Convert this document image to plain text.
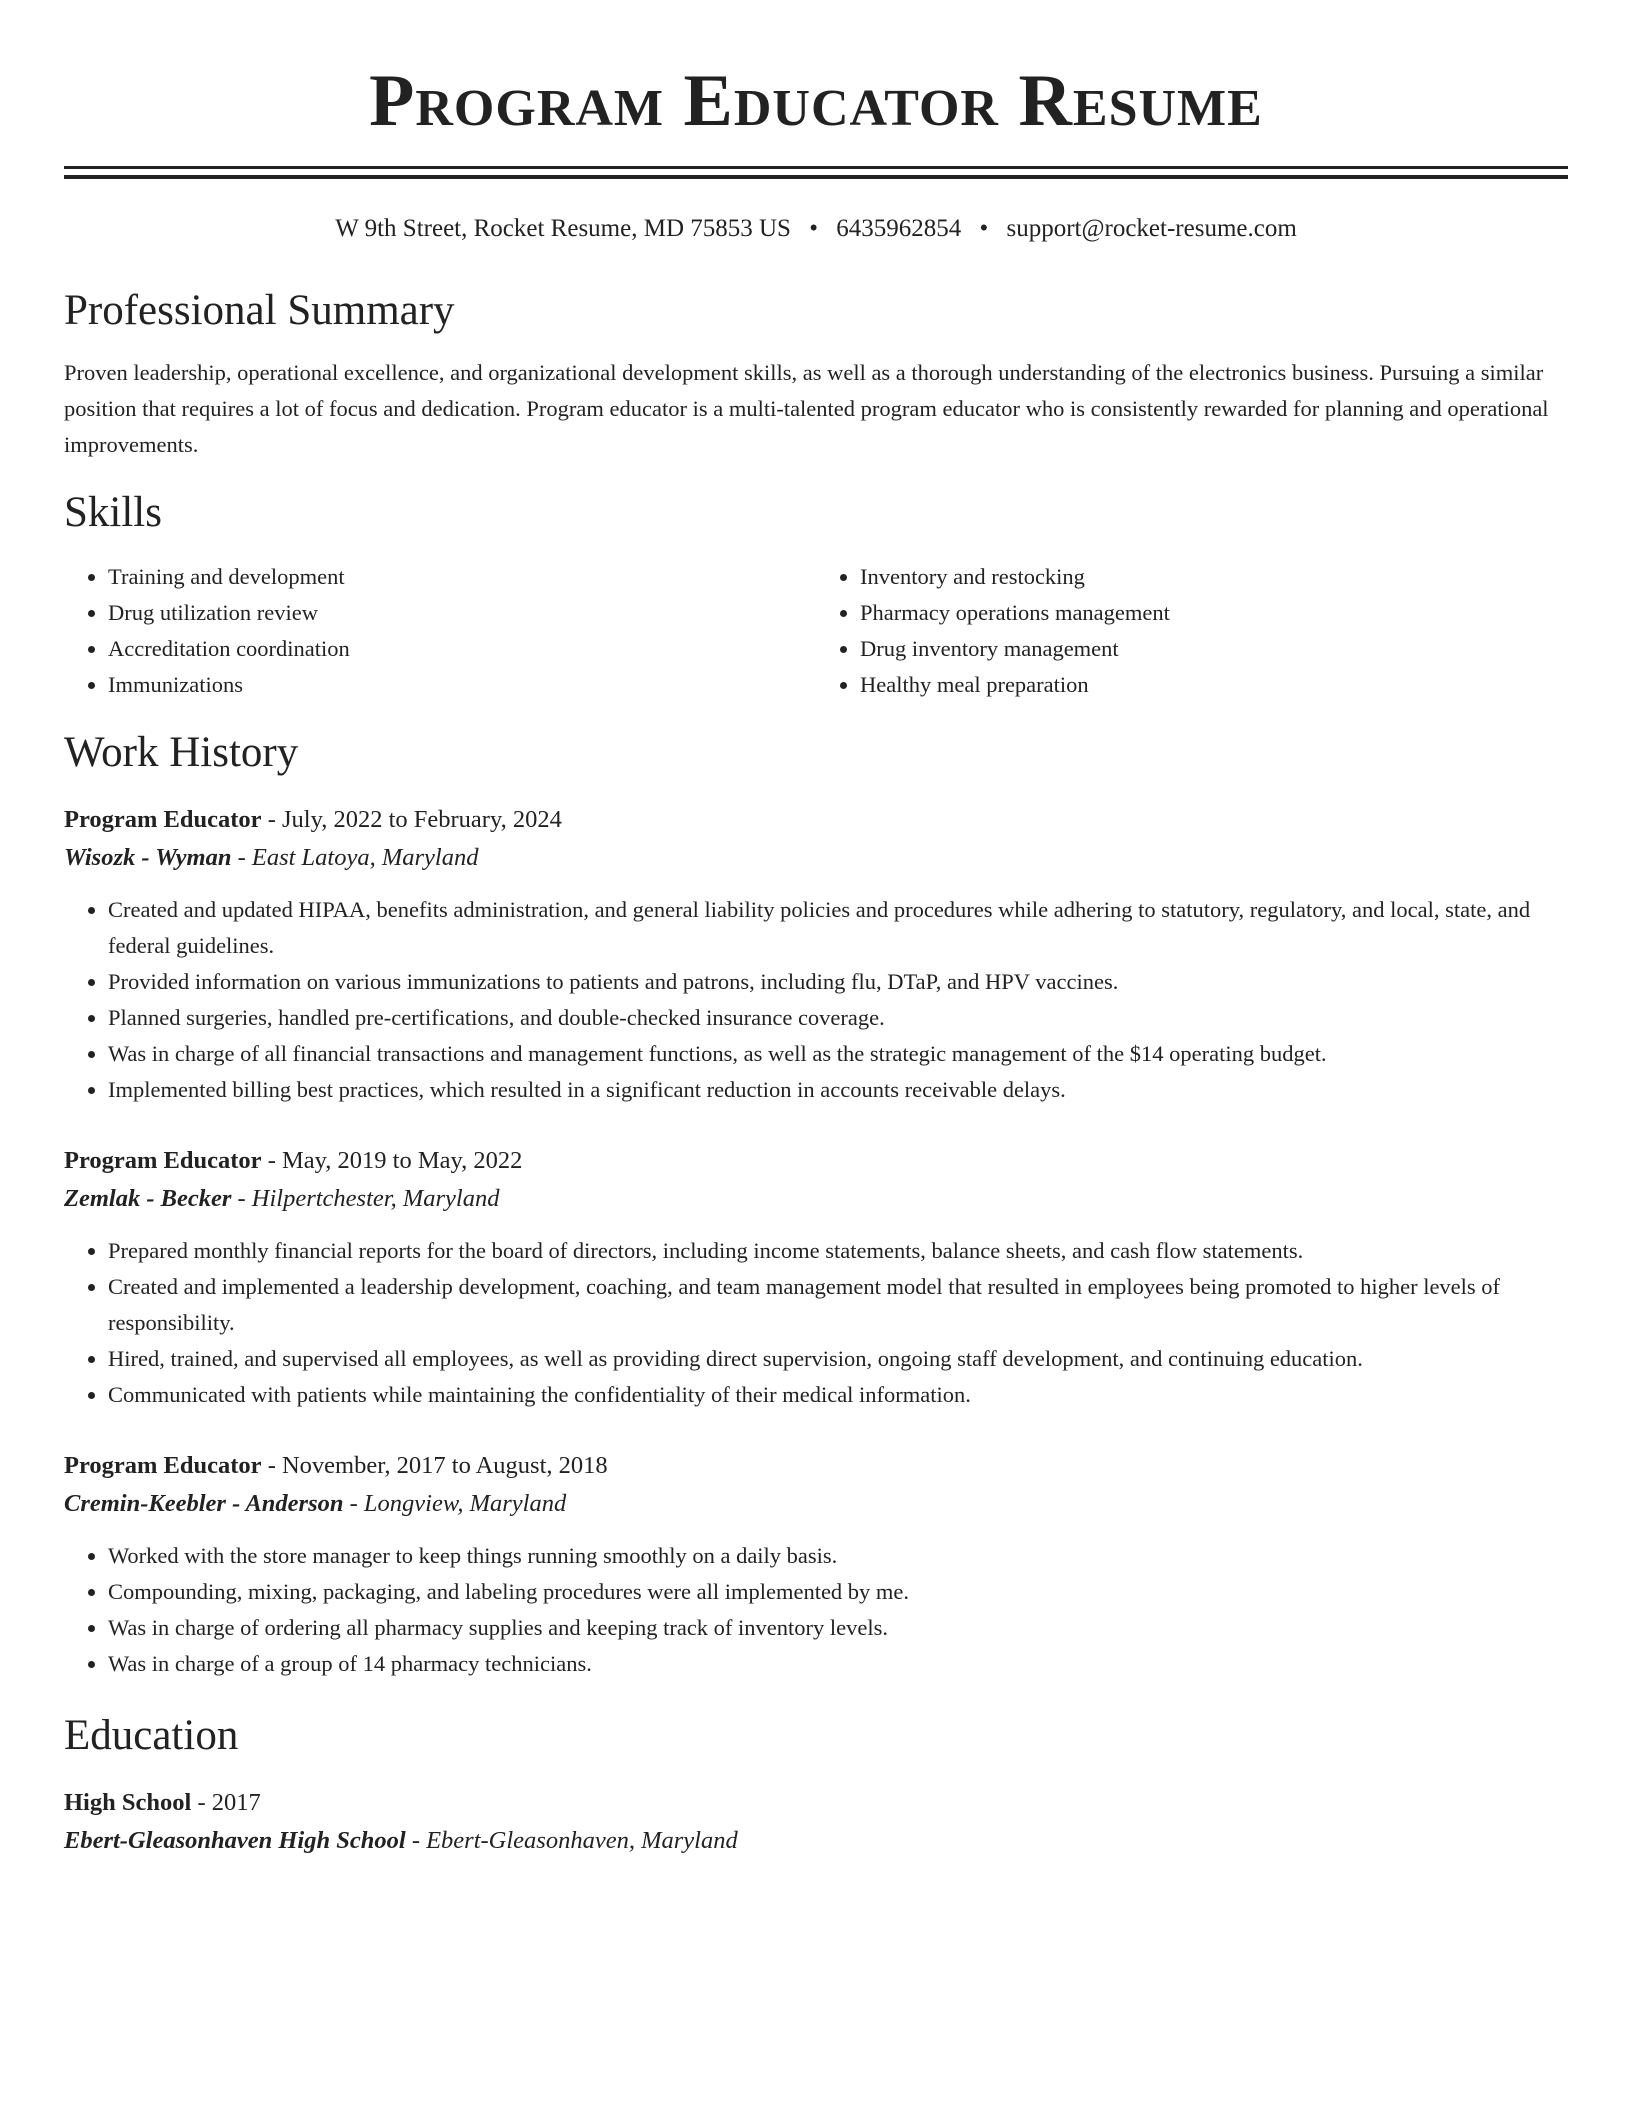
Program Educator Resume
W 9th Street, Rocket Resume, MD 75853 US • 6435962854 • support@rocket-resume.com
Professional Summary

Proven leadership, operational excellence, and organizational development skills, as well as a thorough understanding of the electronics business. Pursuing a similar position that requires a lot of focus and dedication. Program educator is a multi-talented program educator who is consistently rewarded for planning and operational improvements.

Skills
• Training and development
• Drug utilization review
• Accreditation coordination
• Immunizations
• Inventory and restocking
• Pharmacy operations management
• Drug inventory management
• Healthy meal preparation
Work History
Program Educator - July, 2022 to February, 2024
Wisozk - Wyman - East Latoya, Maryland
• Created and updated HIPAA, benefits administration, and general liability policies and procedures while adhering to statutory, regulatory, and local, state, and federal guidelines.
• Provided information on various immunizations to patients and patrons, including flu, DTaP, and HPV vaccines.
• Planned surgeries, handled pre-certifications, and double-checked insurance coverage.
• Was in charge of all financial transactions and management functions, as well as the strategic management of the $14 operating budget.
• Implemented billing best practices, which resulted in a significant reduction in accounts receivable delays.
Program Educator - May, 2019 to May, 2022
Zemlak - Becker - Hilpertchester, Maryland
• Prepared monthly financial reports for the board of directors, including income statements, balance sheets, and cash flow statements.
• Created and implemented a leadership development, coaching, and team management model that resulted in employees being promoted to higher levels of responsibility.
• Hired, trained, and supervised all employees, as well as providing direct supervision, ongoing staff development, and continuing education.
• Communicated with patients while maintaining the confidentiality of their medical information.
Program Educator - November, 2017 to August, 2018
Cremin-Keebler - Anderson - Longview, Maryland
• Worked with the store manager to keep things running smoothly on a daily basis.
• Compounding, mixing, packaging, and labeling procedures were all implemented by me.
• Was in charge of ordering all pharmacy supplies and keeping track of inventory levels.
• Was in charge of a group of 14 pharmacy technicians.
Education
High School - 2017
Ebert-Gleasonhaven High School - Ebert-Gleasonhaven, Maryland
